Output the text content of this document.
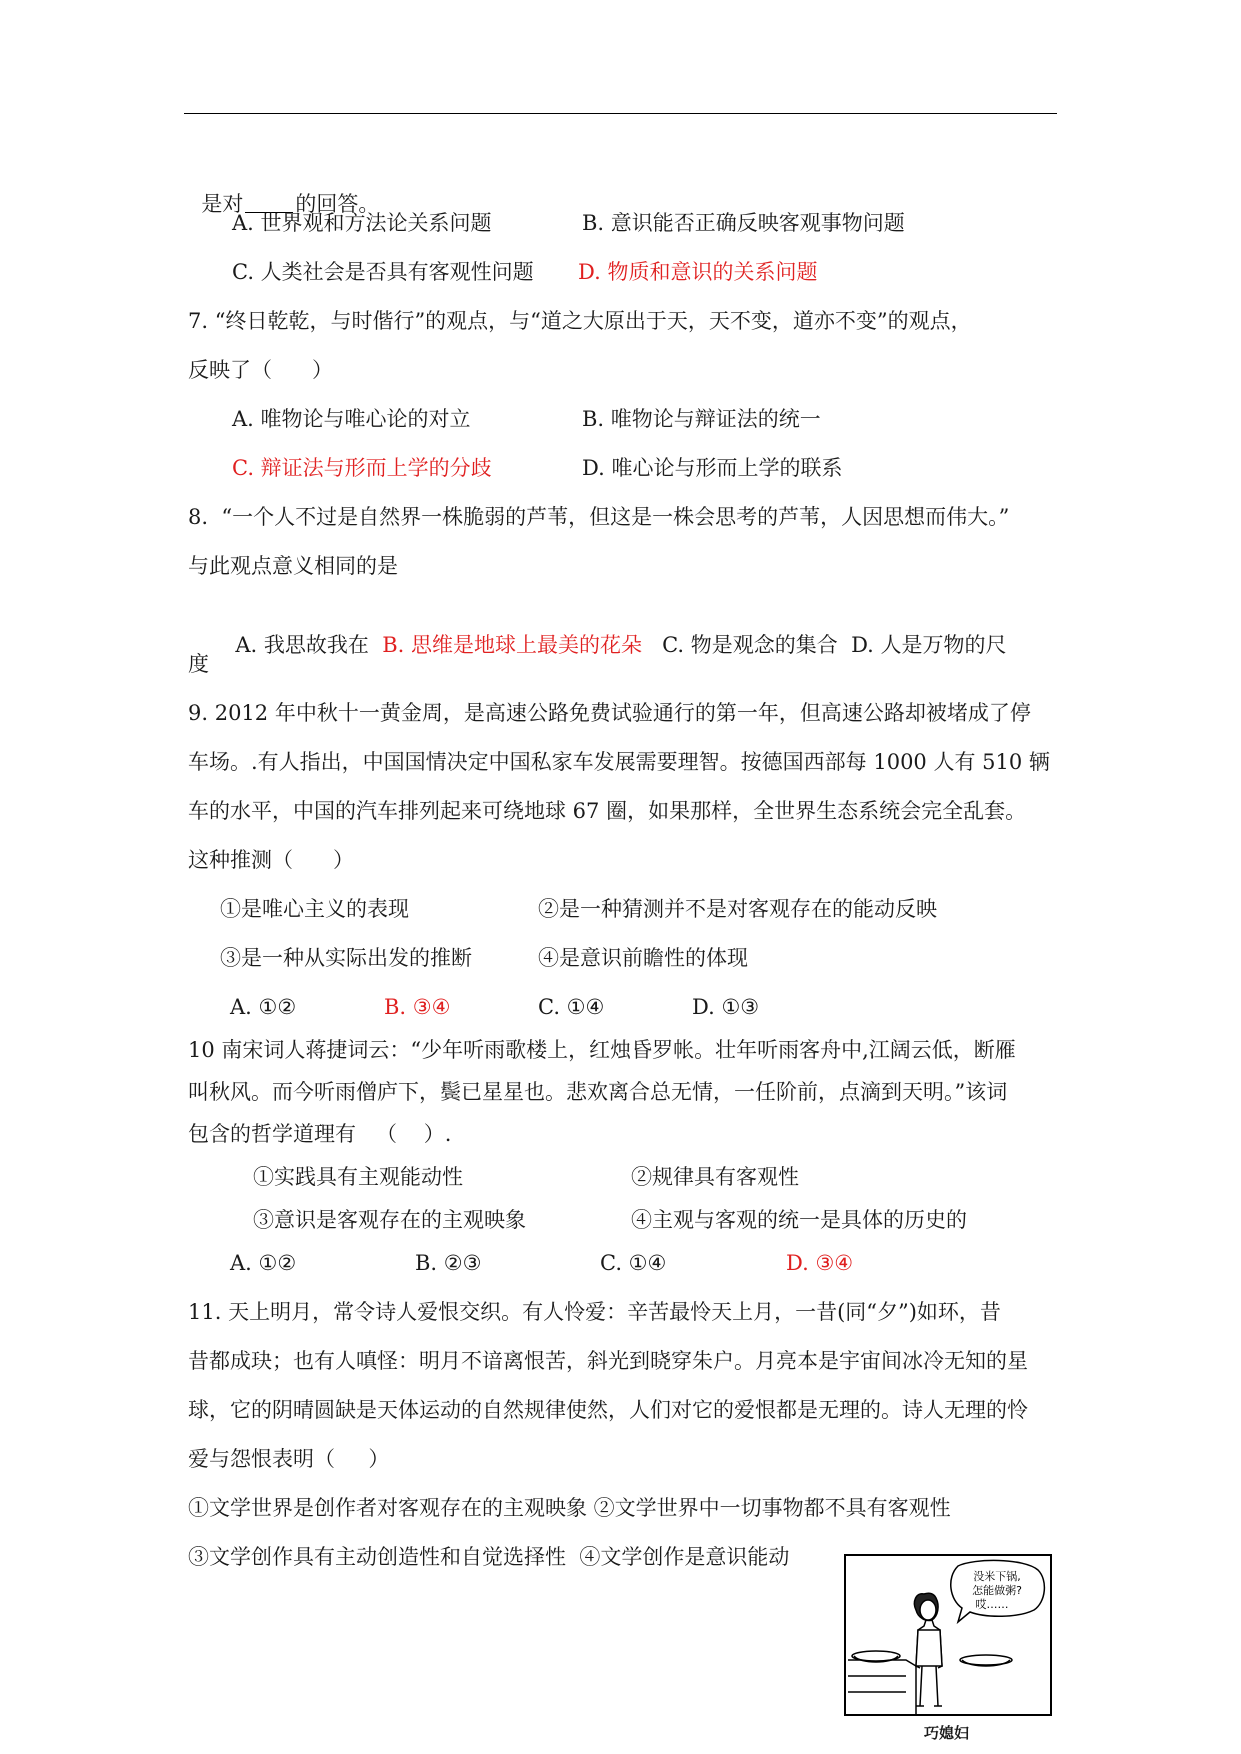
是对 的回答。

A. 世界观和方法论关系问题	B. 意识能否正确反映客观事物问题
C. 人类社会是否具有客观性问题 D. 物质和意识的关系问题
7. “终日乾乾，与时偕行”的观点，与“道之大原出于天，天不变，道亦不变”的观点，
反映了（      ）
A. 唯物论与唯心论的对立	B. 唯物论与辩证法的统一
C. 辩证法与形而上学的分歧	D. 唯心论与形而上学的联系
8.  “一个人不过是自然界一株脆弱的芦苇，但这是一株会思考的芦苇，人因思想而伟大。”
与此观点意义相同的是

A. 我思故我在 B. 思维是地球上最美的花朵 C. 物是观念的集合  D. 人是万物的尺

度
9. 2012 年中秋十一黄金周，是高速公路免费试验通行的第一年，但高速公路却被堵成了停
车场。.有人指出，中国国情决定中国私家车发展需要理智。按德国西部每 1000 人有 510 辆
车的水平，中国的汽车排列起来可绕地球 67 圈，如果那样，全世界生态系统会完全乱套。
这种推测（      ）
①是唯心主义的表现	②是一种猜测并不是对客观存在的能动反映
③是一种从实际出发的推断	④是意识前瞻性的体现
A. ①②	B. ③④	C. ①④	D. ①③
10 南宋词人蒋捷词云：“少年听雨歌楼上，红烛昏罗帐。壮年听雨客舟中,江阔云低，断雁
叫秋风。而今听雨僧庐下，鬓已星星也。悲欢离合总无情，一任阶前，点滴到天明。”该词
包含的哲学道理有   （    ）.
①实践具有主观能动性	②规律具有客观性
③意识是客观存在的主观映象	④主观与客观的统一是具体的历史的
A. ①②	B. ②③	C. ①④	D. ③④
11. 天上明月，常令诗人爱恨交织。有人怜爱：辛苦最怜天上月，一昔(同“夕”)如环，昔
昔都成玦；也有人嗔怪：明月不谙离恨苦，斜光到晓穿朱户。月亮本是宇宙间冰冷无知的星
球，它的阴晴圆缺是天体运动的自然规律使然，人们对它的爱恨都是无理的。诗人无理的怜
爱与怨恨表明（     ）
①文学世界是创作者对客观存在的主观映象 ②文学世界中一切事物都不具有客观性
③文学创作具有主动创造性和自觉选择性  ④文学创作是意识能动
没米下锅,
怎能做粥?
哎……
巧媳妇
